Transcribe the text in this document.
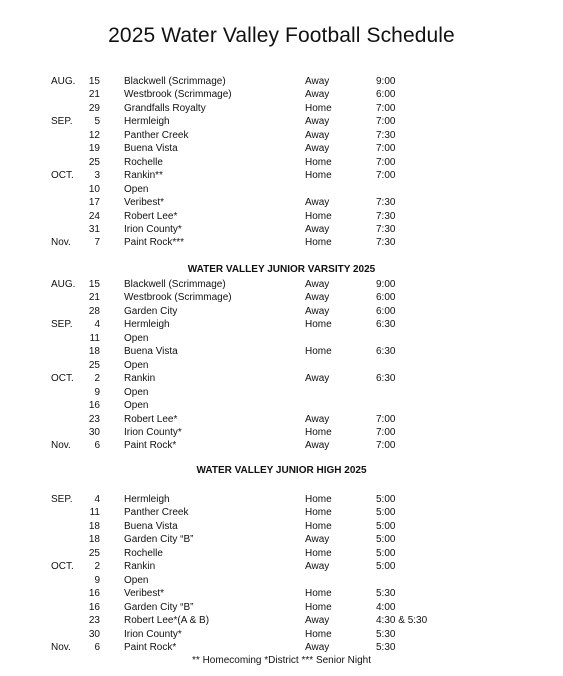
2025 Water Valley Football Schedule
AUG.	15 Blackwell (Scrimmage)	Away	9:00
21 Westbrook (Scrimmage)	Away	6:00
29 Grandfalls Royalty	Home	7:00
SEP.	5 Hermleigh	Away	7:00
12 Panther Creek	Away	7:30
19 Buena Vista	Away	7:00
25 Rochelle	Home	7:00
OCT.	3 Rankin**	Home	7:00
10 Open
17 Veribest*	Away	7:30
24 Robert Lee*	Home	7:30
31 Irion County*	Away	7:30
Nov.	7 Paint Rock***	Home	7:30
WATER VALLEY JUNIOR VARSITY 2025
AUG.	15 Blackwell (Scrimmage)	Away	9:00
21 Westbrook (Scrimmage)	Away	6:00
28 Garden City	Away	6:00
SEP.	4 Hermleigh	Home	6:30
11 Open
18 Buena Vista	Home	6:30
25 Open
OCT.	2 Rankin	Away	6:30
9 Open
16 Open
23 Robert Lee*	Away	7:00
30 Irion County*	Home	7:00
Nov.	6 Paint Rock*	Away	7:00
WATER VALLEY JUNIOR HIGH 2025
SEP.	4 Hermleigh	Home	5:00
11 Panther Creek	Home	5:00
18 Buena Vista	Home	5:00
18 Garden City “B”	Away	5:00
25 Rochelle	Home	5:00
OCT.	2 Rankin	Away	5:00
9 Open
16 Veribest*	Home	5:30
16 Garden City “B”	Home	4:00
23 Robert Lee*(A & B)	Away	4:30 & 5:30
30 Irion County*	Home	5:30
Nov.	6 Paint Rock*	Away	5:30
** Homecoming *District *** Senior Night
